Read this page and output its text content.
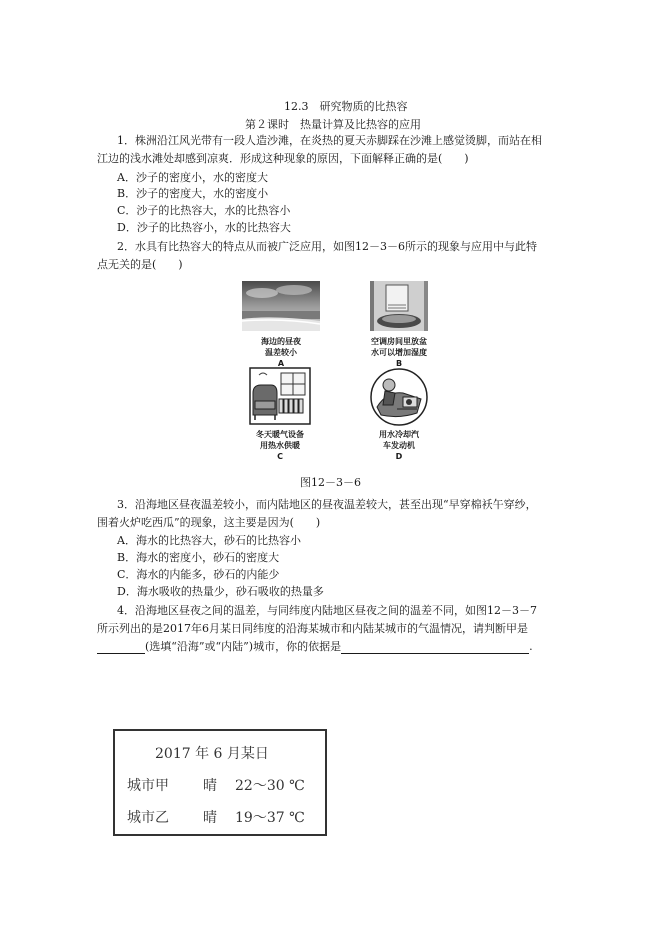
12.3　研究物质的比热容
第２课时　热量计算及比热容的应用
1．株洲沿江风光带有一段人造沙滩，在炎热的夏天赤脚踩在沙滩上感觉烫脚，而站在相
江边的浅水滩处却感到凉爽．形成这种现象的原因，下面解释正确的是(　　)
A．沙子的密度小，水的密度大
B．沙子的密度大，水的密度小
C．沙子的比热容大，水的比热容小
D．沙子的比热容小，水的比热容大
2．水具有比热容大的特点从而被广泛应用，如图12－3－6所示的现象与应用中与此特
点无关的是(　　)
海边的昼夜
温差较小
A
空调房间里放盆
水可以增加湿度
B
冬天暖气设备
用热水供暖
C
用水冷却汽
车发动机
D
图12－3－6
3．沿海地区昼夜温差较小，而内陆地区的昼夜温差较大，甚至出现“早穿棉袄午穿纱，
围着火炉吃西瓜”的现象，这主要是因为(　　)
A．海水的比热容大，砂石的比热容小
B．海水的密度小，砂石的密度大
C．海水的内能多，砂石的内能少
D．海水吸收的热量少，砂石吸收的热量多
4．沿海地区昼夜之间的温差，与同纬度内陆地区昼夜之间的温差不同，如图12－3－7
所示列出的是2017年6月某日同纬度的沿海某城市和内陆某城市的气温情况，请判断甲是
(选填“沿海”或“内陆”)城市，你的依据是	.
2017 年 6 月某日
城市甲 晴 22～30 ℃
城市乙 晴 19～37 ℃
